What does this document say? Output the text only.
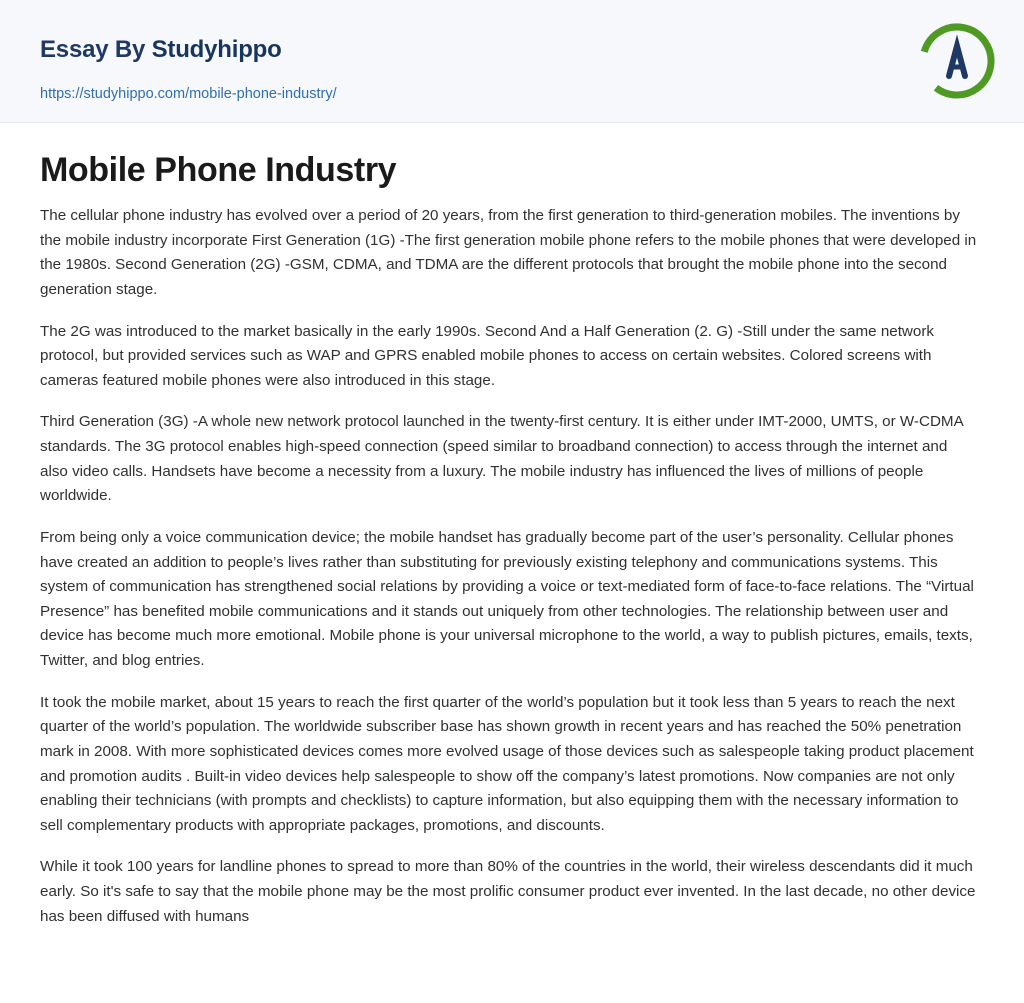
Essay By Studyhippo
https://studyhippo.com/mobile-phone-industry/
Mobile Phone Industry

The cellular phone industry has evolved over a period of 20 years, from the first generation to third-generation mobiles. The inventions by the mobile industry incorporate First Generation (1G) -The first generation mobile phone refers to the mobile phones that were developed in the 1980s. Second Generation (2G) -GSM, CDMA, and TDMA are the different protocols that brought the mobile phone into the second generation stage.

The 2G was introduced to the market basically in the early 1990s. Second And a Half Generation (2. G) -Still under the same network protocol, but provided services such as WAP and GPRS enabled mobile phones to access on certain websites. Colored screens with cameras featured mobile phones were also introduced in this stage.

Third Generation (3G) -A whole new network protocol launched in the twenty-first century. It is either under IMT-2000, UMTS, or W-CDMA standards. The 3G protocol enables high-speed connection (speed similar to broadband connection) to access through the internet and also video calls. Handsets have become a necessity from a luxury. The mobile industry has influenced the lives of millions of people worldwide.

From being only a voice communication device; the mobile handset has gradually become part of the user’s personality. Cellular phones have created an addition to people’s lives rather than substituting for previously existing telephony and communications systems. This system of communication has strengthened social relations by providing a voice or text-mediated form of face-to-face relations. The “Virtual Presence” has benefited mobile communications and it stands out uniquely from other technologies. The relationship between user and device has become much more emotional. Mobile phone is your universal microphone to the world, a way to publish pictures, emails, texts, Twitter, and blog entries.

It took the mobile market, about 15 years to reach the first quarter of the world’s population but it took less than 5 years to reach the next quarter of the world’s population. The worldwide subscriber base has shown growth in recent years and has reached the 50% penetration mark in 2008. With more sophisticated devices comes more evolved usage of those devices such as salespeople taking product placement and promotion audits . Built-in video devices help salespeople to show off the company’s latest promotions. Now companies are not only enabling their technicians (with prompts and checklists) to capture information, but also equipping them with the necessary information to sell complementary products with appropriate packages, promotions, and discounts.

While it took 100 years for landline phones to spread to more than 80% of the countries in the world, their wireless descendants did it much early. So it's safe to say that the mobile phone may be the most prolific consumer product ever invented. In the last decade, no other device has been diffused with humans
